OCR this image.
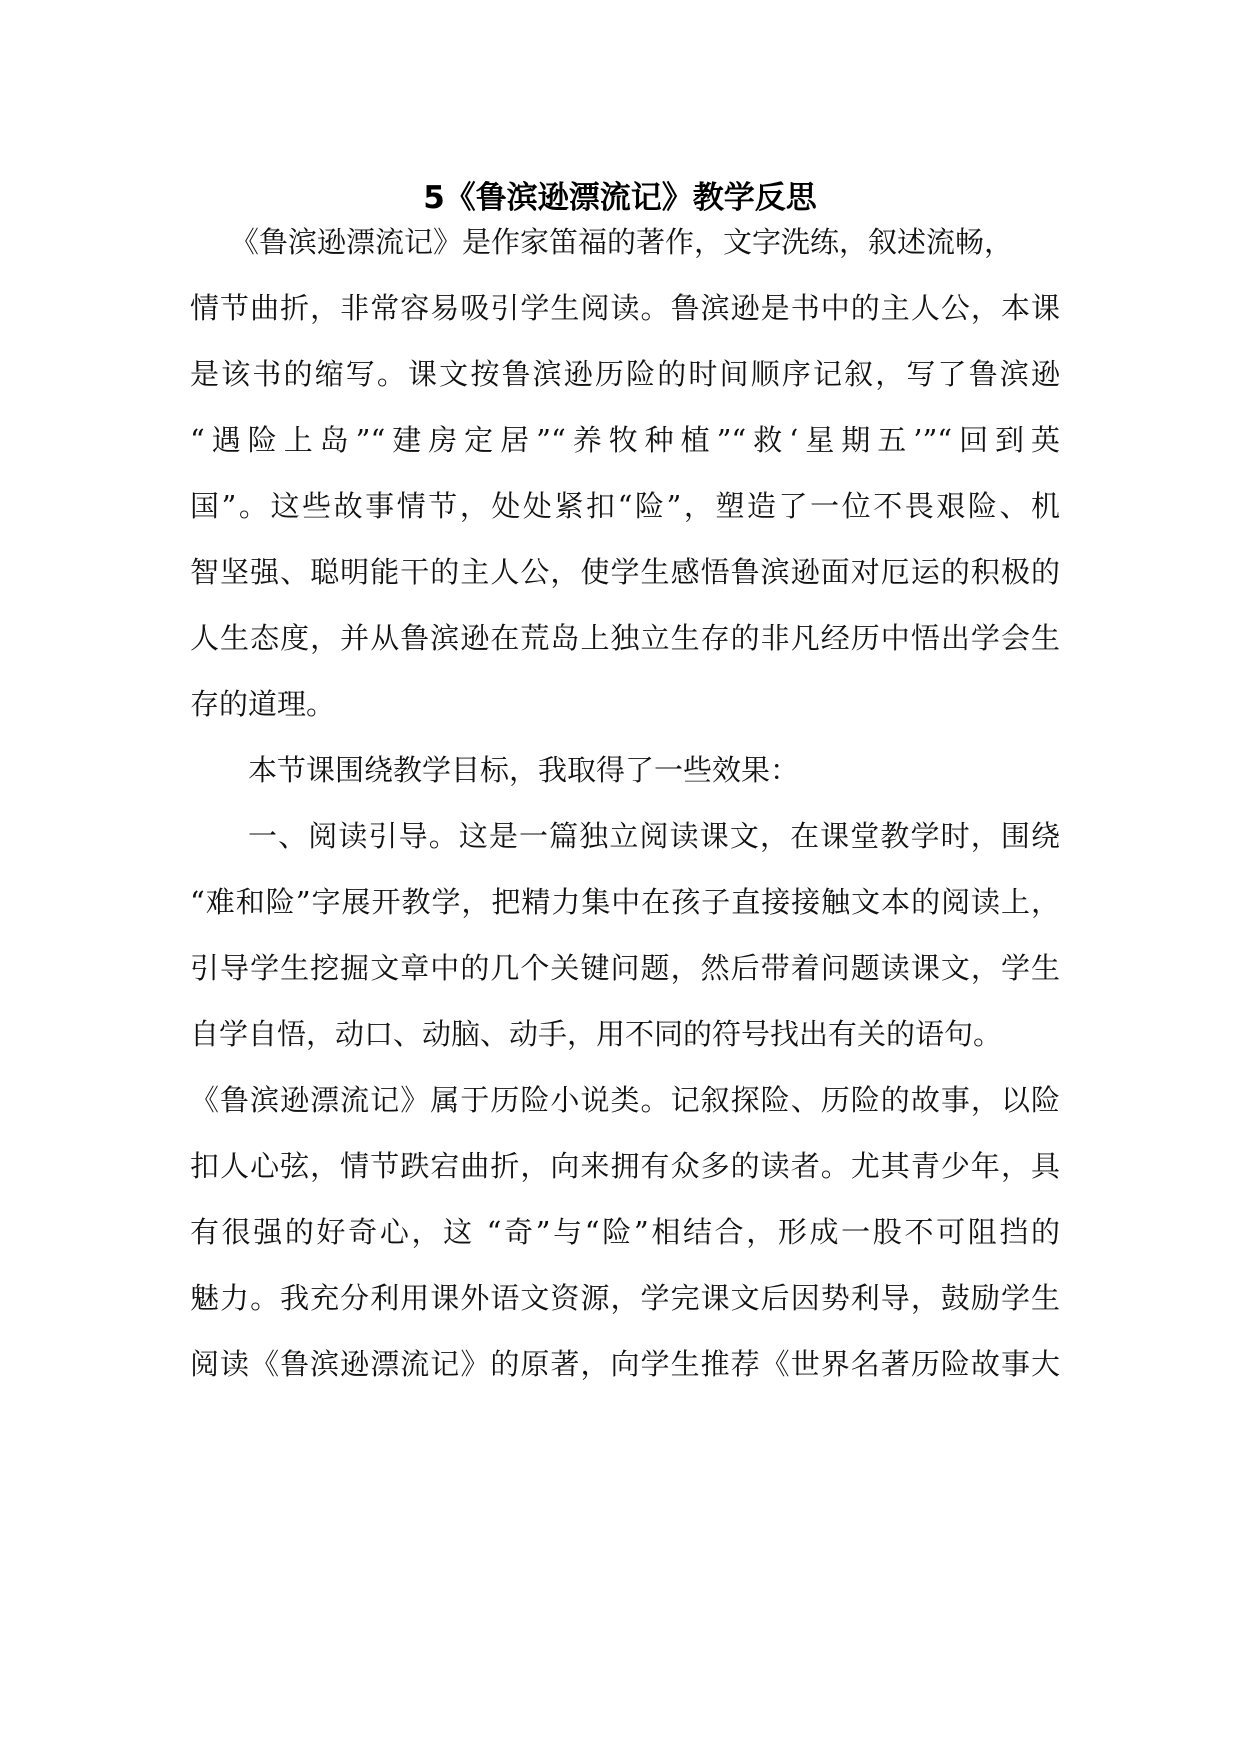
5《鲁滨逊漂流记》教学反思

《鲁滨逊漂流记》是作家笛福的著作，文字洗练，叙述流畅，

情节曲折，非常容易吸引学生阅读。鲁滨逊是书中的主人公，本课

是该书的缩写。课文按鲁滨逊历险的时间顺序记叙，写了鲁滨逊

“遇险上岛”“建房定居”“养牧种植”“救‘星期五’”“回到英

国”。这些故事情节，处处紧扣“险”，塑造了一位不畏艰险、机

智坚强、聪明能干的主人公，使学生感悟鲁滨逊面对厄运的积极的

人生态度，并从鲁滨逊在荒岛上独立生存的非凡经历中悟出学会生

存的道理。

本节课围绕教学目标，我取得了一些效果：

一、阅读引导。这是一篇独立阅读课文，在课堂教学时，围绕

“难和险”字展开教学，把精力集中在孩子直接接触文本的阅读上，

引导学生挖掘文章中的几个关键问题，然后带着问题读课文，学生

自学自悟，动口、动脑、动手，用不同的符号找出有关的语句。

《鲁滨逊漂流记》属于历险小说类。记叙探险、历险的故事，以险

扣人心弦，情节跌宕曲折，向来拥有众多的读者。尤其青少年，具

有很强的好奇心，这 “奇”与“险”相结合，形成一股不可阻挡的

魅力。我充分利用课外语文资源，学完课文后因势利导，鼓励学生

阅读《鲁滨逊漂流记》的原著，向学生推荐《世界名著历险故事大
